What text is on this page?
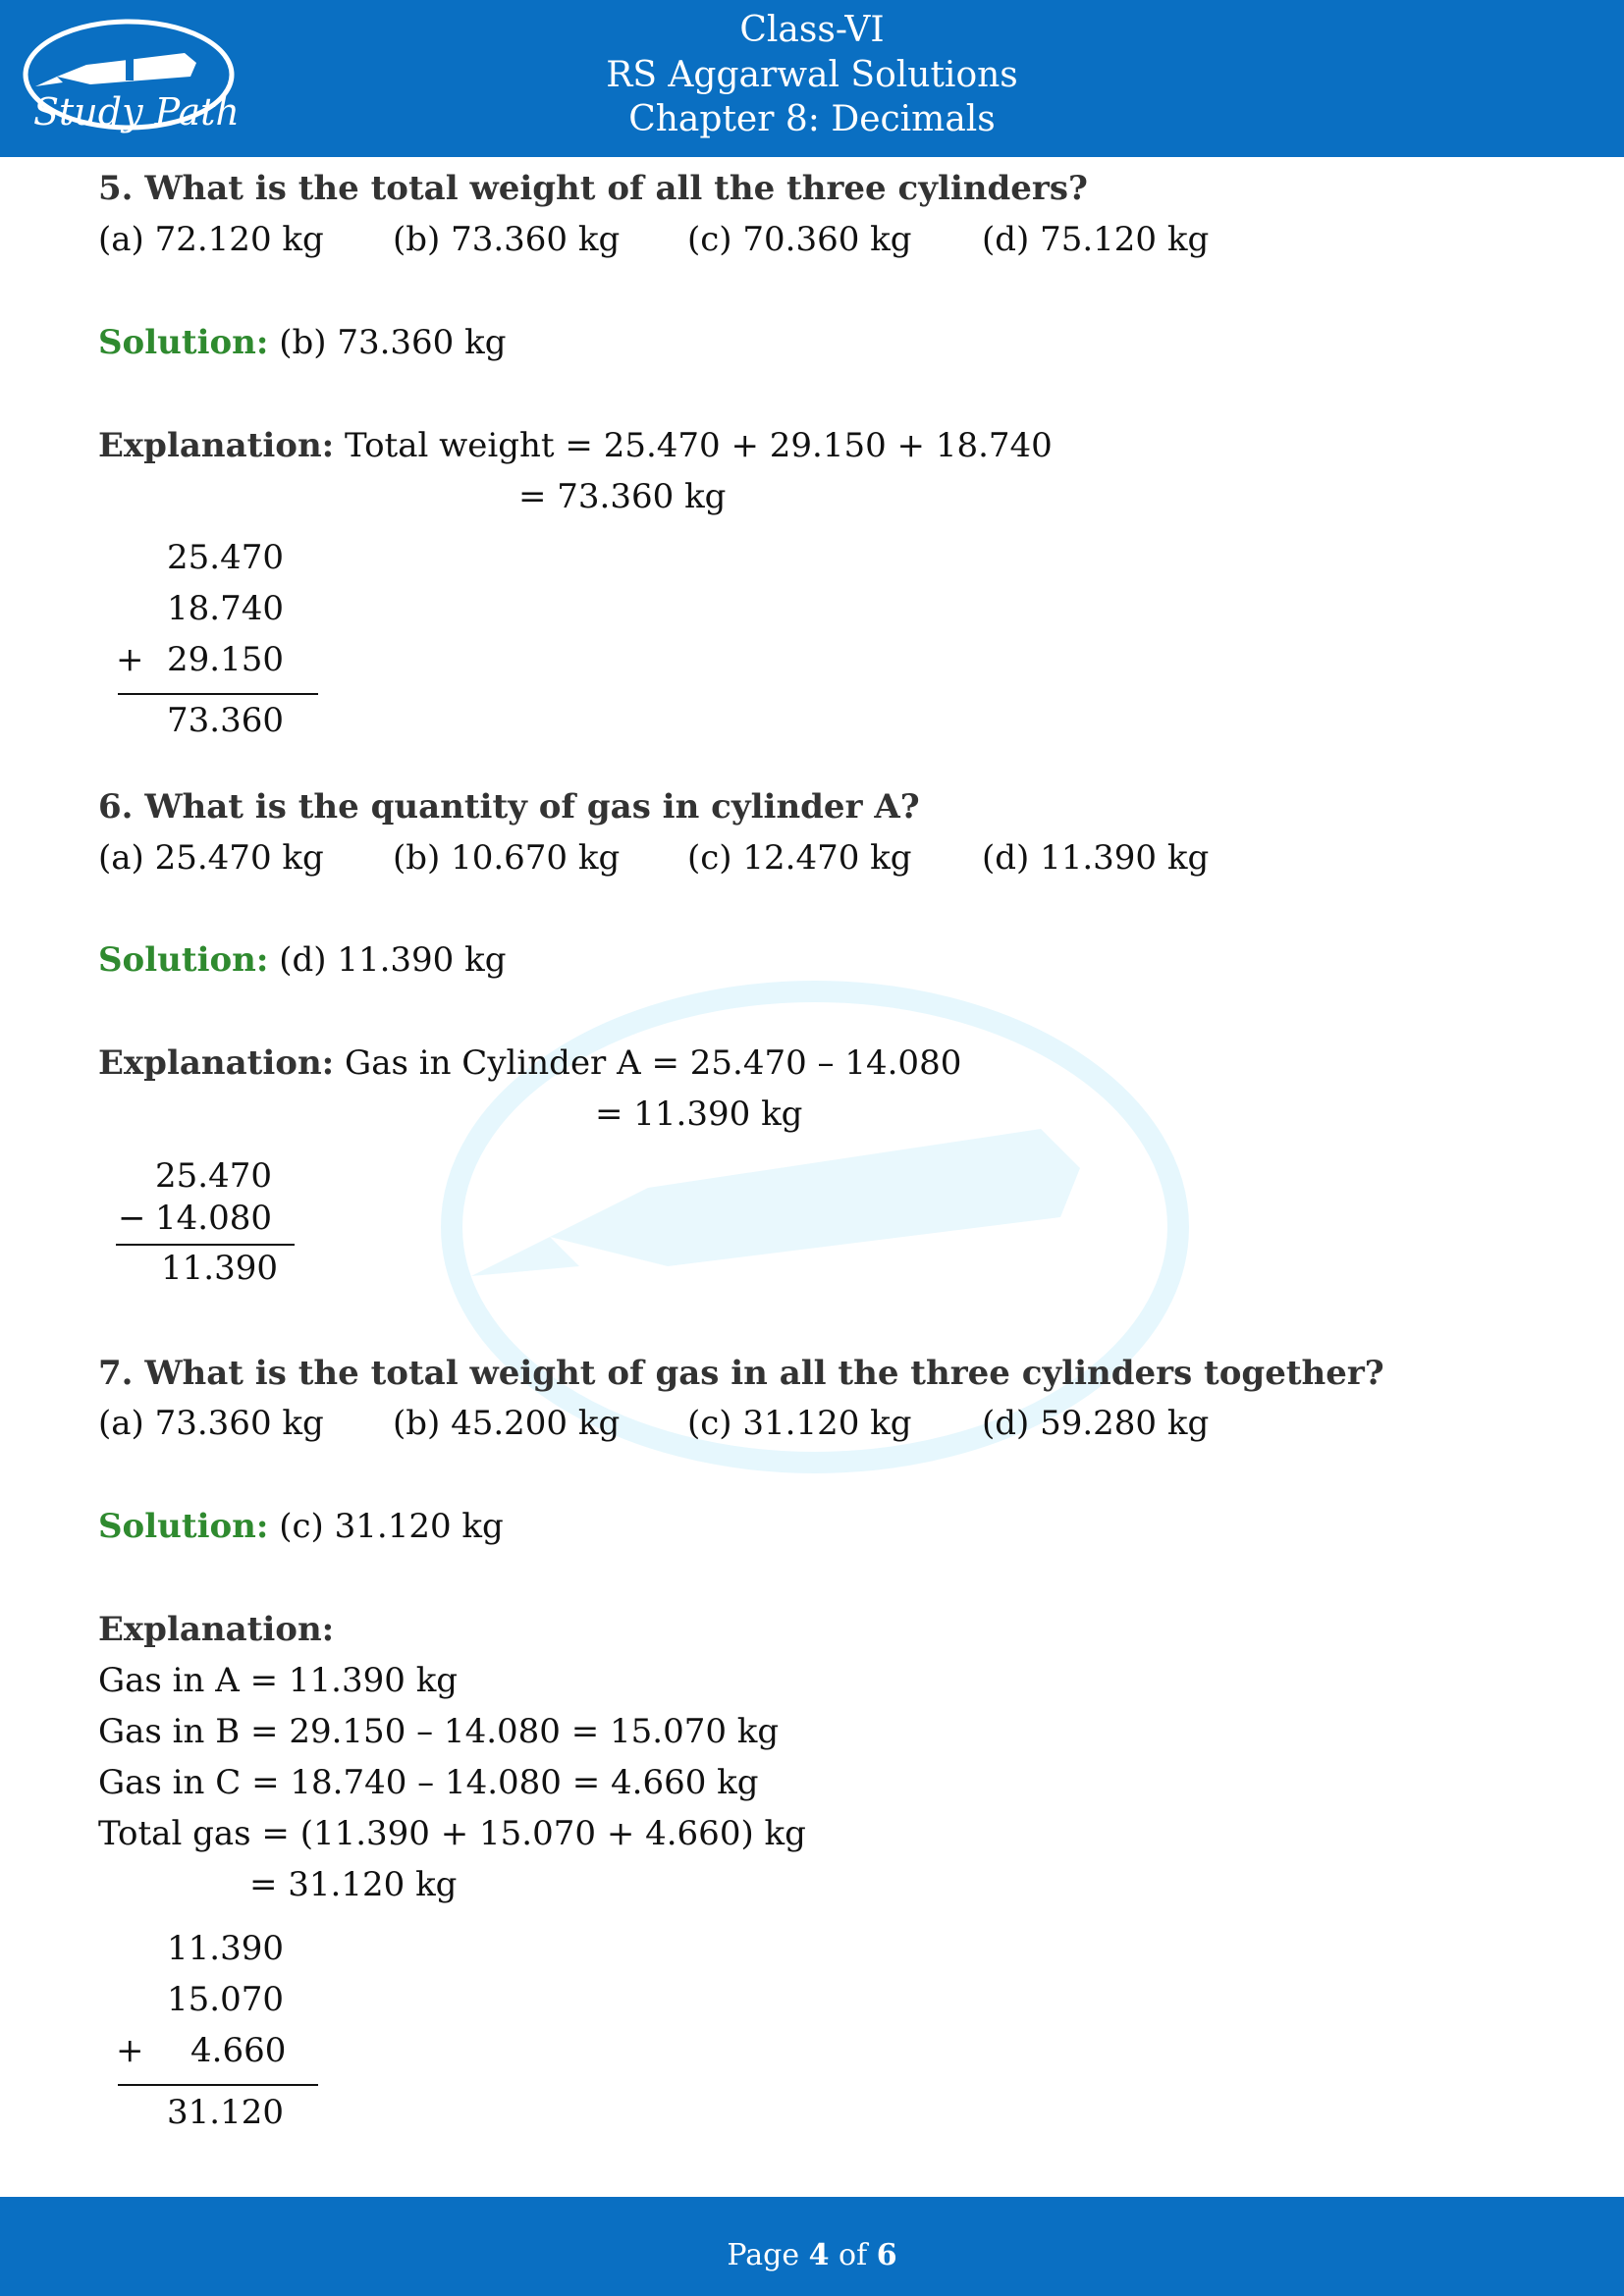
Study Path
Class-VI
RS Aggarwal Solutions
Chapter 8: Decimals
5. What is the total weight of all the three cylinders?
(a) 72.120 kg (b) 73.360 kg (c) 70.360 kg (d) 75.120 kg
Solution: (b) 73.360 kg
Explanation: Total weight = 25.470 + 29.150 + 18.740
= 73.360 kg
25.470
18.740
+ 29.150
73.360
6. What is the quantity of gas in cylinder A?
(a) 25.470 kg (b) 10.670 kg (c) 12.470 kg (d) 11.390 kg
Solution: (d) 11.390 kg
Explanation: Gas in Cylinder A = 25.470 – 14.080
= 11.390 kg
25.470
− 14.080
11.390
7. What is the total weight of gas in all the three cylinders together?
(a) 73.360 kg (b) 45.200 kg (c) 31.120 kg (d) 59.280 kg
Solution: (c) 31.120 kg
Explanation:
Gas in A = 11.390 kg
Gas in B = 29.150 – 14.080 = 15.070 kg
Gas in C = 18.740 – 14.080 = 4.660 kg
Total gas = (11.390 + 15.070 + 4.660) kg
= 31.120 kg
11.390
15.070
+ 4.660
31.120
Page 4 of 6
